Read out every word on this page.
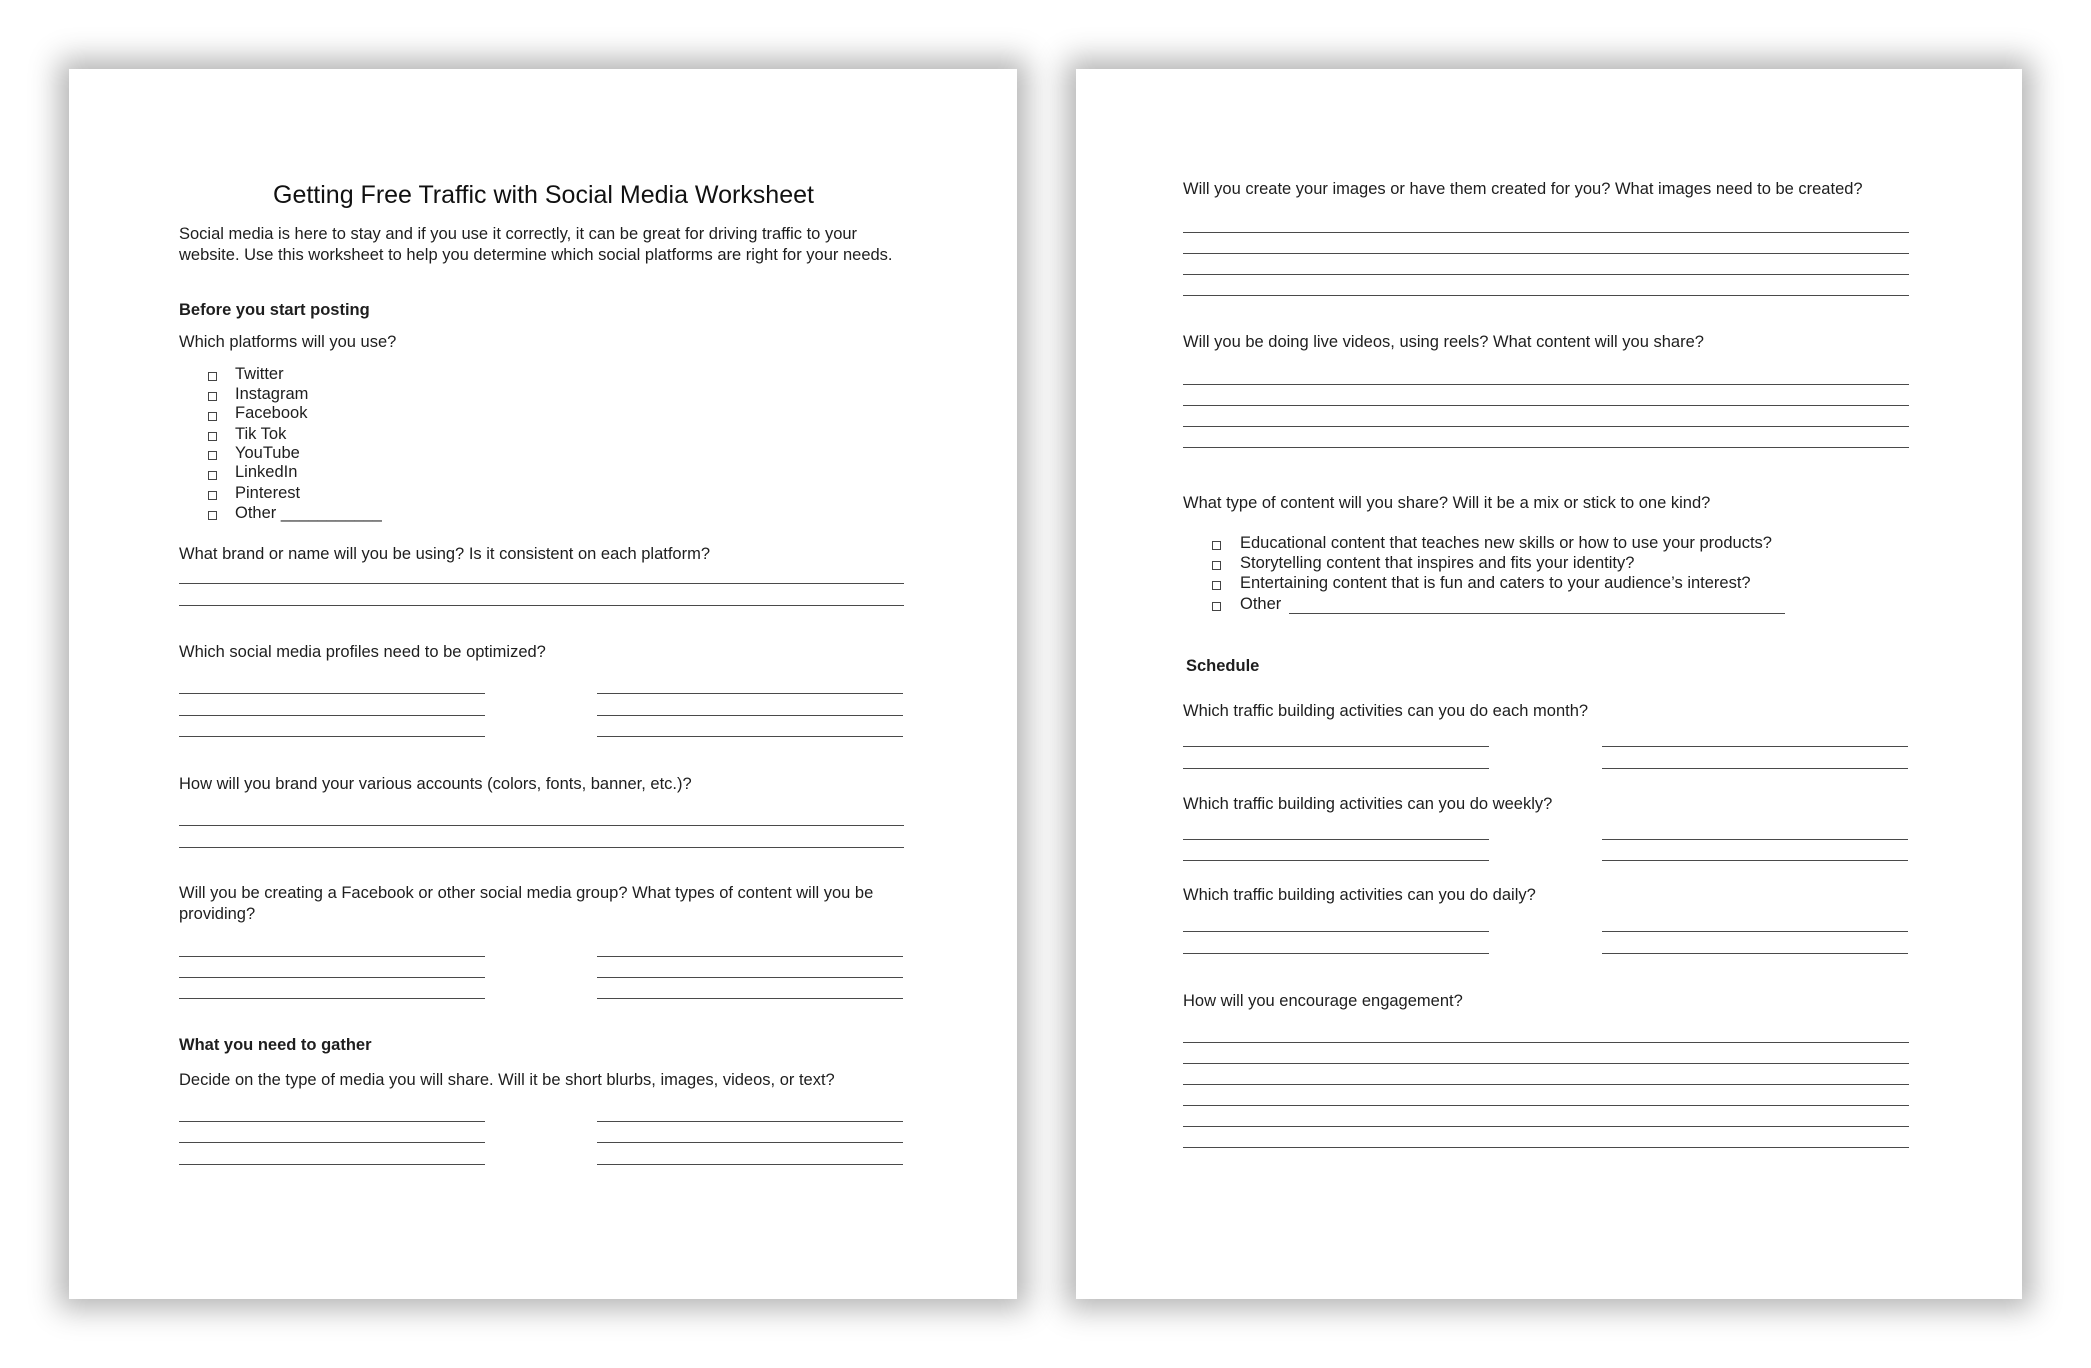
Getting Free Traffic with Social Media Worksheet
Social media is here to stay and if you use it correctly, it can be great for driving traffic to your website. Use this worksheet to help you determine which social platforms are right for your needs.
Before you start posting
Which platforms will you use?
Twitter
Instagram
Facebook
Tik Tok
YouTube
LinkedIn
Pinterest
Other ___________
What brand or name will you be using? Is it consistent on each platform?
Which social media profiles need to be optimized?
How will you brand your various accounts (colors, fonts, banner, etc.)?
Will you be creating a Facebook or other social media group? What types of content will you be providing?
What you need to gather
Decide on the type of media you will share. Will it be short blurbs, images, videos, or text?
Will you create your images or have them created for you? What images need to be created?
Will you be doing live videos, using reels? What content will you share?
What type of content will you share? Will it be a mix or stick to one kind?
Educational content that teaches new skills or how to use your products?
Storytelling content that inspires and fits your identity?
Entertaining content that is fun and caters to your audience’s interest?
Other
Schedule
Which traffic building activities can you do each month?
Which traffic building activities can you do weekly?
Which traffic building activities can you do daily?
How will you encourage engagement?
